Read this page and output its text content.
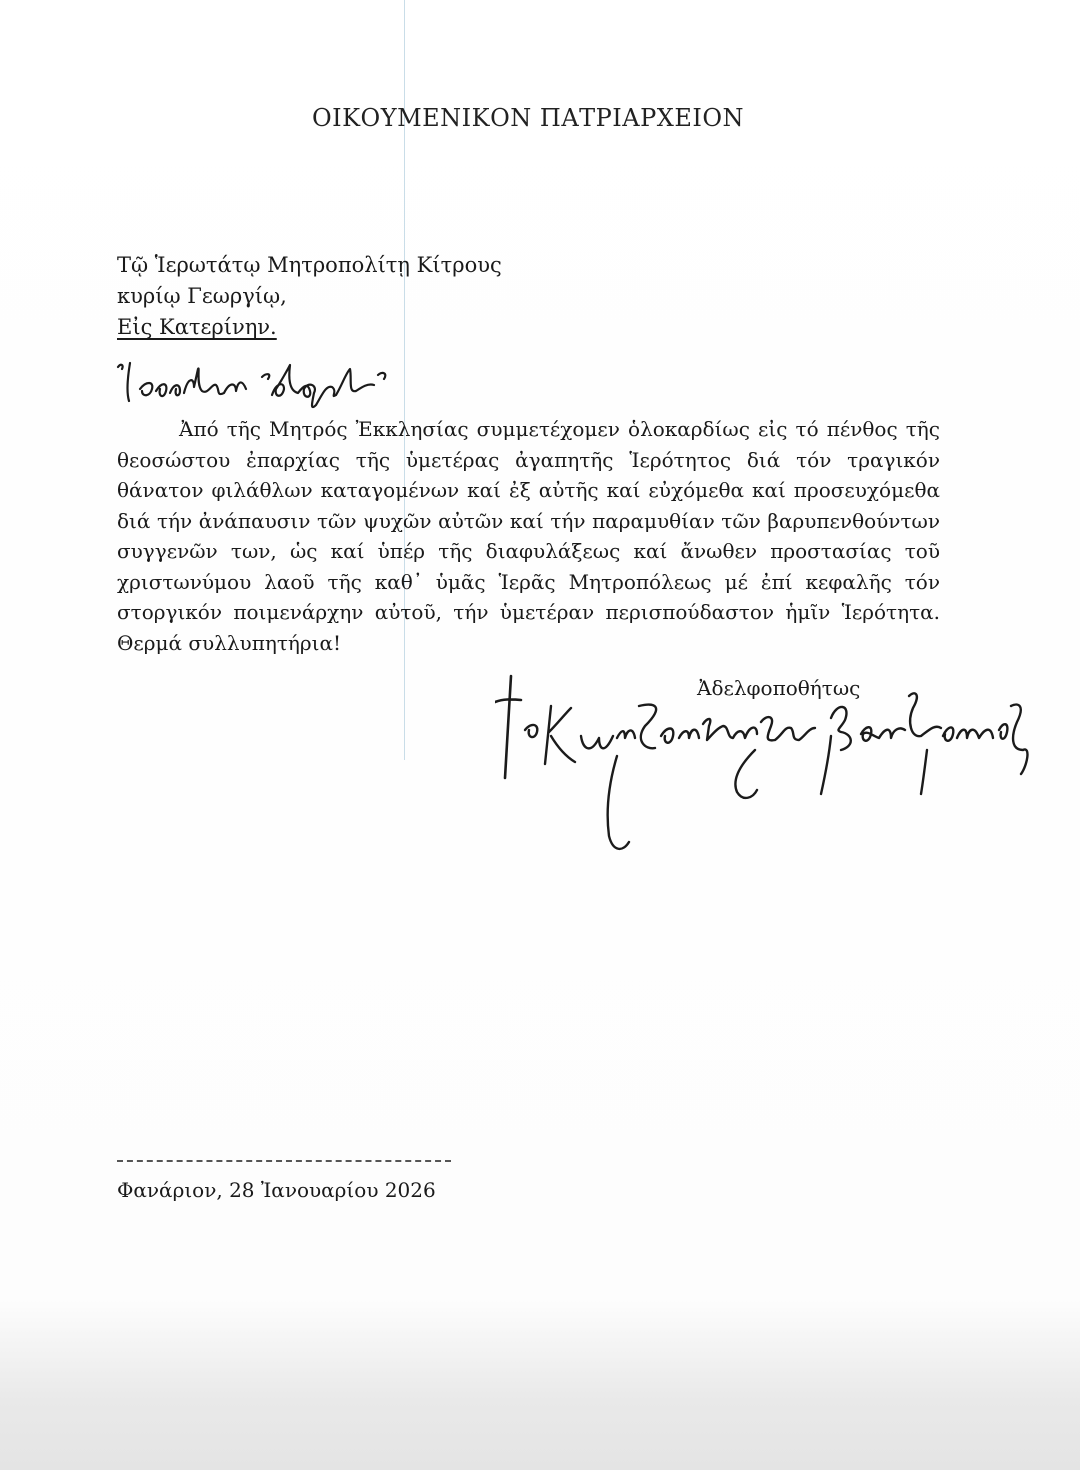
ΟΙΚΟΥΜΕΝΙΚΟΝ ΠΑΤΡΙΑΡΧΕΙΟΝ
Τῷ Ἱερωτάτῳ Μητροπολίτῃ Κίτρους
κυρίῳ Γεωργίῳ,
Εἰς Κατερίνην.

Ἀπό τῆς Μητρός Ἐκκλησίας συμμετέχομεν ὁλοκαρδίως εἰς τό πένθος τῆς θεοσώστου ἐπαρχίας τῆς ὑμετέρας ἀγαπητῆς Ἱερότητος διά τόν τραγικόν θάνατον φιλάθλων καταγομένων καί ἐξ αὐτῆς καί εὐχόμεθα καί προσευχόμεθα διά τήν ἀνάπαυσιν τῶν ψυχῶν αὐτῶν καί τήν παραμυθίαν τῶν βαρυπενθούντων συγγενῶν των, ὡς καί ὑπέρ τῆς διαφυλάξεως καί ἄνωθεν προστασίας τοῦ χριστωνύμου λαοῦ τῆς καθ᾽ ὑμᾶς Ἱερᾶς Μητροπόλεως μέ ἐπί κεφαλῆς τόν στοργικόν ποιμενάρχην αὐτοῦ, τήν ὑμετέραν περισπούδαστον ἡμῖν Ἱερότητα. Θερμά συλλυπητήρια!

Ἀδελφοποθήτως
Φανάριον, 28 Ἰανουαρίου 2026
